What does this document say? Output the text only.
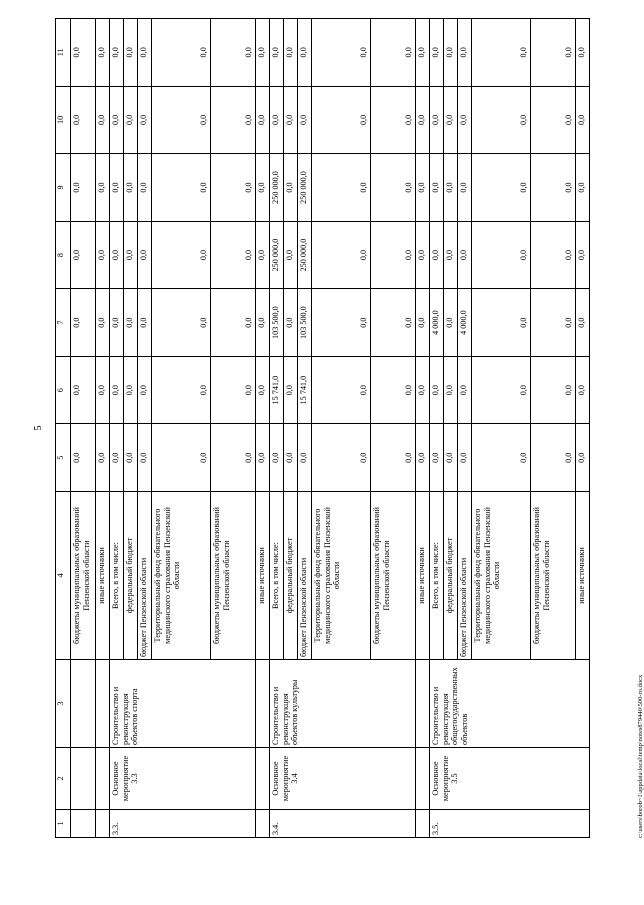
5
1	2	3	4	5	6	7	8	9	10	11
			бюджеты муниципальных образований Пензенской области	0,0	0,0	0,0	0,0	0,0	0,0	0,0
			иные источники	0,0	0,0	0,0	0,0	0,0	0,0	0,0
3.3.	Основное мероприятие 3.3	Строительство и реконструкция объектов спорта	Всего, в том числе:	0,0	0,0	0,0	0,0	0,0	0,0	0,0
			федеральный бюджет	0,0	0,0	0,0	0,0	0,0	0,0	0,0
			бюджет Пензенской области	0,0	0,0	0,0	0,0	0,0	0,0	0,0
			Территориальный фонд обязательного медицинского страхования Пензенской области	0,0	0,0	0,0	0,0	0,0	0,0	0,0
			бюджеты муниципальных образований Пензенской области	0,0	0,0	0,0	0,0	0,0	0,0	0,0
			иные источники	0,0	0,0	0,0	0,0	0,0	0,0	0,0
3.4.	Основное мероприятие 3.4	Строительство и реконструкция объектов культуры	Всего, в том числе:	0,0	15 741,0	103 500,0	250 000,0	250 000,0	0,0	0,0
			федеральный бюджет	0,0	0,0	0,0	0,0	0,0	0,0	0,0
			бюджет Пензенской области	0,0	15 741,0	103 500,0	250 000,0	250 000,0	0,0	0,0
			Территориальный фонд обязательного медицинского страхования Пензенской области	0,0	0,0	0,0	0,0	0,0	0,0	0,0
			бюджеты муниципальных образований Пензенской области	0,0	0,0	0,0	0,0	0,0	0,0	0,0
			иные источники	0,0	0,0	0,0	0,0	0,0	0,0	0,0
3.5.	Основное мероприятие 3.5	Строительство и реконструкция общегосударственных объектов	Всего, в том числе:	0,0	0,0	4 000,0	0,0	0,0	0,0	0,0
			федеральный бюджет	0,0	0,0	0,0	0,0	0,0	0,0	0,0
			бюджет Пензенской области	0,0	0,0	4 000,0	0,0	0,0	0,0	0,0
			Территориальный фонд обязательного медицинского страхования Пензенской области	0,0	0,0	0,0	0,0	0,0	0,0	0,0
			бюджеты муниципальных образований Пензенской области	0,0	0,0	0,0	0,0	0,0	0,0	0,0
			иные источники	0,0	0,0	0,0	0,0	0,0	0,0	0,0
c:\users\borob~1\appdata\local\temp\notes879440\500-ro.docx
